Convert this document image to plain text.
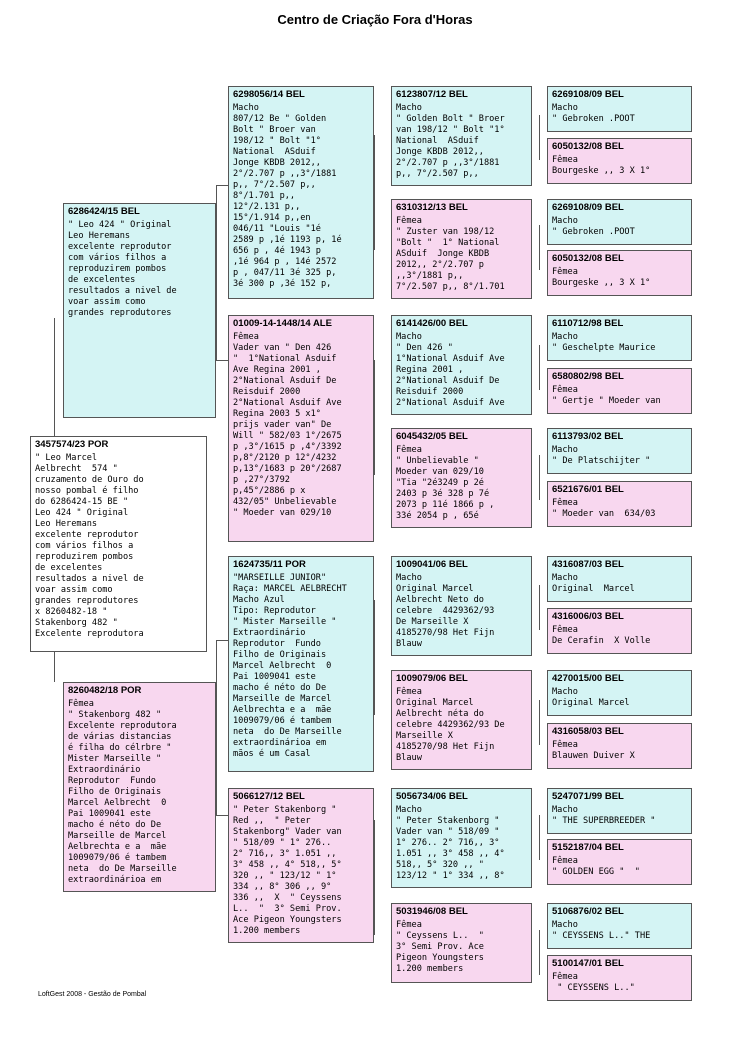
Centro de Criação Fora d'Horas
3457574/23 POR
" Leo Marcel
Aelbrecht  574 "
cruzamento de Ouro do
nosso pombal é filho
do 6286424-15 BE "
Leo 424 " Original
Leo Heremans
excelente reprodutor
com vários filhos a
reproduzirem pombos
de excelentes
resultados a nivel de
voar assim como
grandes reprodutores
x 8260482-18 "
Stakenborg 482 "
Excelente reprodutora
6286424/15 BEL
" Leo 424 " Original
Leo Heremans
excelente reprodutor
com vários filhos a
reproduzirem pombos
de excelentes
resultados a nivel de
voar assim como
grandes reprodutores
8260482/18 POR
Fêmea
" Stakenborg 482 "
Excelente reprodutora
de várias distancias
é filha do célrbre "
Mister Marseille "
Extraordinário
Reprodutor  Fundo
Filho de Originais
Marcel Aelbrecht  0
Pai 1009041 este
macho é néto do De
Marseille de Marcel
Aelbrechta e a  mãe
1009079/06 é tambem
neta  do De Marseille
extraordinárioa em
6298056/14 BEL
Macho
807/12 Be " Golden
Bolt " Broer van
198/12 " Bolt "1°
National  ASduif
Jonge KBDB 2012,,
2°/2.707 p ,,3°/1881
p,, 7°/2.507 p,,
8°/1.701 p,,
12°/2.131 p,,
15°/1.914 p,,en
046/11 "Louis "1é
2589 p ,1é 1193 p, 1é
656 p , 4é 1943 p
,1é 964 p , 14é 2572
p , 047/11 3é 325 p,
3é 300 p ,3é 152 p,
01009-14-1448/14 ALE
Fêmea
Vader van " Den 426
"  1°National Asduif
Ave Regina 2001 ,
2°National Asduif De
Reisduif 2000
2°National Asduif Ave
Regina 2003 5 x1°
prijs vader van" De
Will " 582/03 1°/2675
p ,3°/1615 p ,4°/3392
p,8°/2120 p 12°/4232
p,13°/1683 p 20°/2687
p ,27°/3792
p,45°/2886 p x
432/05" Unbelievable
" Moeder van 029/10
1624735/11 POR
"MARSEILLE JUNIOR"
Raça: MARCEL AELBRECHT
Macho Azul
Tipo: Reprodutor
" Mister Marseille "
Extraordinário
Reprodutor  Fundo
Filho de Originais
Marcel Aelbrecht  0
Pai 1009041 este
macho é néto do De
Marseille de Marcel
Aelbrechta e a  mãe
1009079/06 é tambem
neta  do De Marseille
extraordinárioa em
mãos é um Casal
5066127/12 BEL
" Peter Stakenborg "
Red ,,  " Peter
Stakenborg" Vader van
" 518/09 " 1° 276..
2° 716,, 3° 1.051 ,,
3° 458 ,, 4° 518,, 5°
320 ,, " 123/12 " 1°
334 ,, 8° 306 ,, 9°
336 ,,  X  " Ceyssens
L..  "  3° Semi Prov.
Ace Pigeon Youngsters
1.200 members
6123807/12 BEL
Macho
" Golden Bolt " Broer
van 198/12 " Bolt "1°
National  ASduif
Jonge KBDB 2012,,
2°/2.707 p ,,3°/1881
p,, 7°/2.507 p,,
6310312/13 BEL
Fêmea
" Zuster van 198/12
"Bolt "  1° National
ASduif  Jonge KBDB
2012,, 2°/2.707 p
,,3°/1881 p,,
7°/2.507 p,, 8°/1.701
6141426/00 BEL
Macho
" Den 426 "
1°National Asduif Ave
Regina 2001 ,
2°National Asduif De
Reisduif 2000
2°National Asduif Ave
6045432/05 BEL
Fêmea
" Unbelievable "
Moeder van 029/10
"Tia "2é3249 p 2é
2403 p 3é 328 p 7é
2073 p 11é 1866 p ,
33é 2054 p , 65é
1009041/06 BEL
Macho
Original Marcel
Aelbrecht Neto do
celebre  4429362/93
De Marseille X
4185270/98 Het Fijn
Blauw
1009079/06 BEL
Fêmea
Original Marcel
Aelbrecht néta do
celebre 4429362/93 De
Marseille X
4185270/98 Het Fijn
Blauw
5056734/06 BEL
Macho
" Peter Stakenborg "
Vader van " 518/09 "
1° 276.. 2° 716,, 3°
1.051 ,, 3° 458 ,, 4°
518,, 5° 320 ,, "
123/12 " 1° 334 ,, 8°
5031946/08 BEL
Fêmea
" Ceyssens L..  "
3° Semi Prov. Ace
Pigeon Youngsters
1.200 members
6269108/09 BEL
Macho
" Gebroken .POOT
6050132/08 BEL
Fêmea
Bourgeske ,, 3 X 1°
6269108/09 BEL
Macho
" Gebroken .POOT
6050132/08 BEL
Fêmea
Bourgeske ,, 3 X 1°
6110712/98 BEL
Macho
" Geschelpte Maurice
6580802/98 BEL
Fêmea
" Gertje " Moeder van
6113793/02 BEL
Macho
" De Platschijter "
6521676/01 BEL
Fêmea
" Moeder van  634/03
4316087/03 BEL
Macho
Original  Marcel
4316006/03 BEL
Fêmea
De Cerafin  X Volle
4270015/00 BEL
Macho
Original Marcel
4316058/03 BEL
Fêmea
Blauwen Duiver X
5247071/99 BEL
Macho
" THE SUPERBREEDER "
5152187/04 BEL
Fêmea
" GOLDEN EGG "  "
5106876/02 BEL
Macho
" CEYSSENS L.." THE
5100147/01 BEL
Fêmea
" CEYSSENS L.."
LoftGest 2008 - Gestão de Pombal
